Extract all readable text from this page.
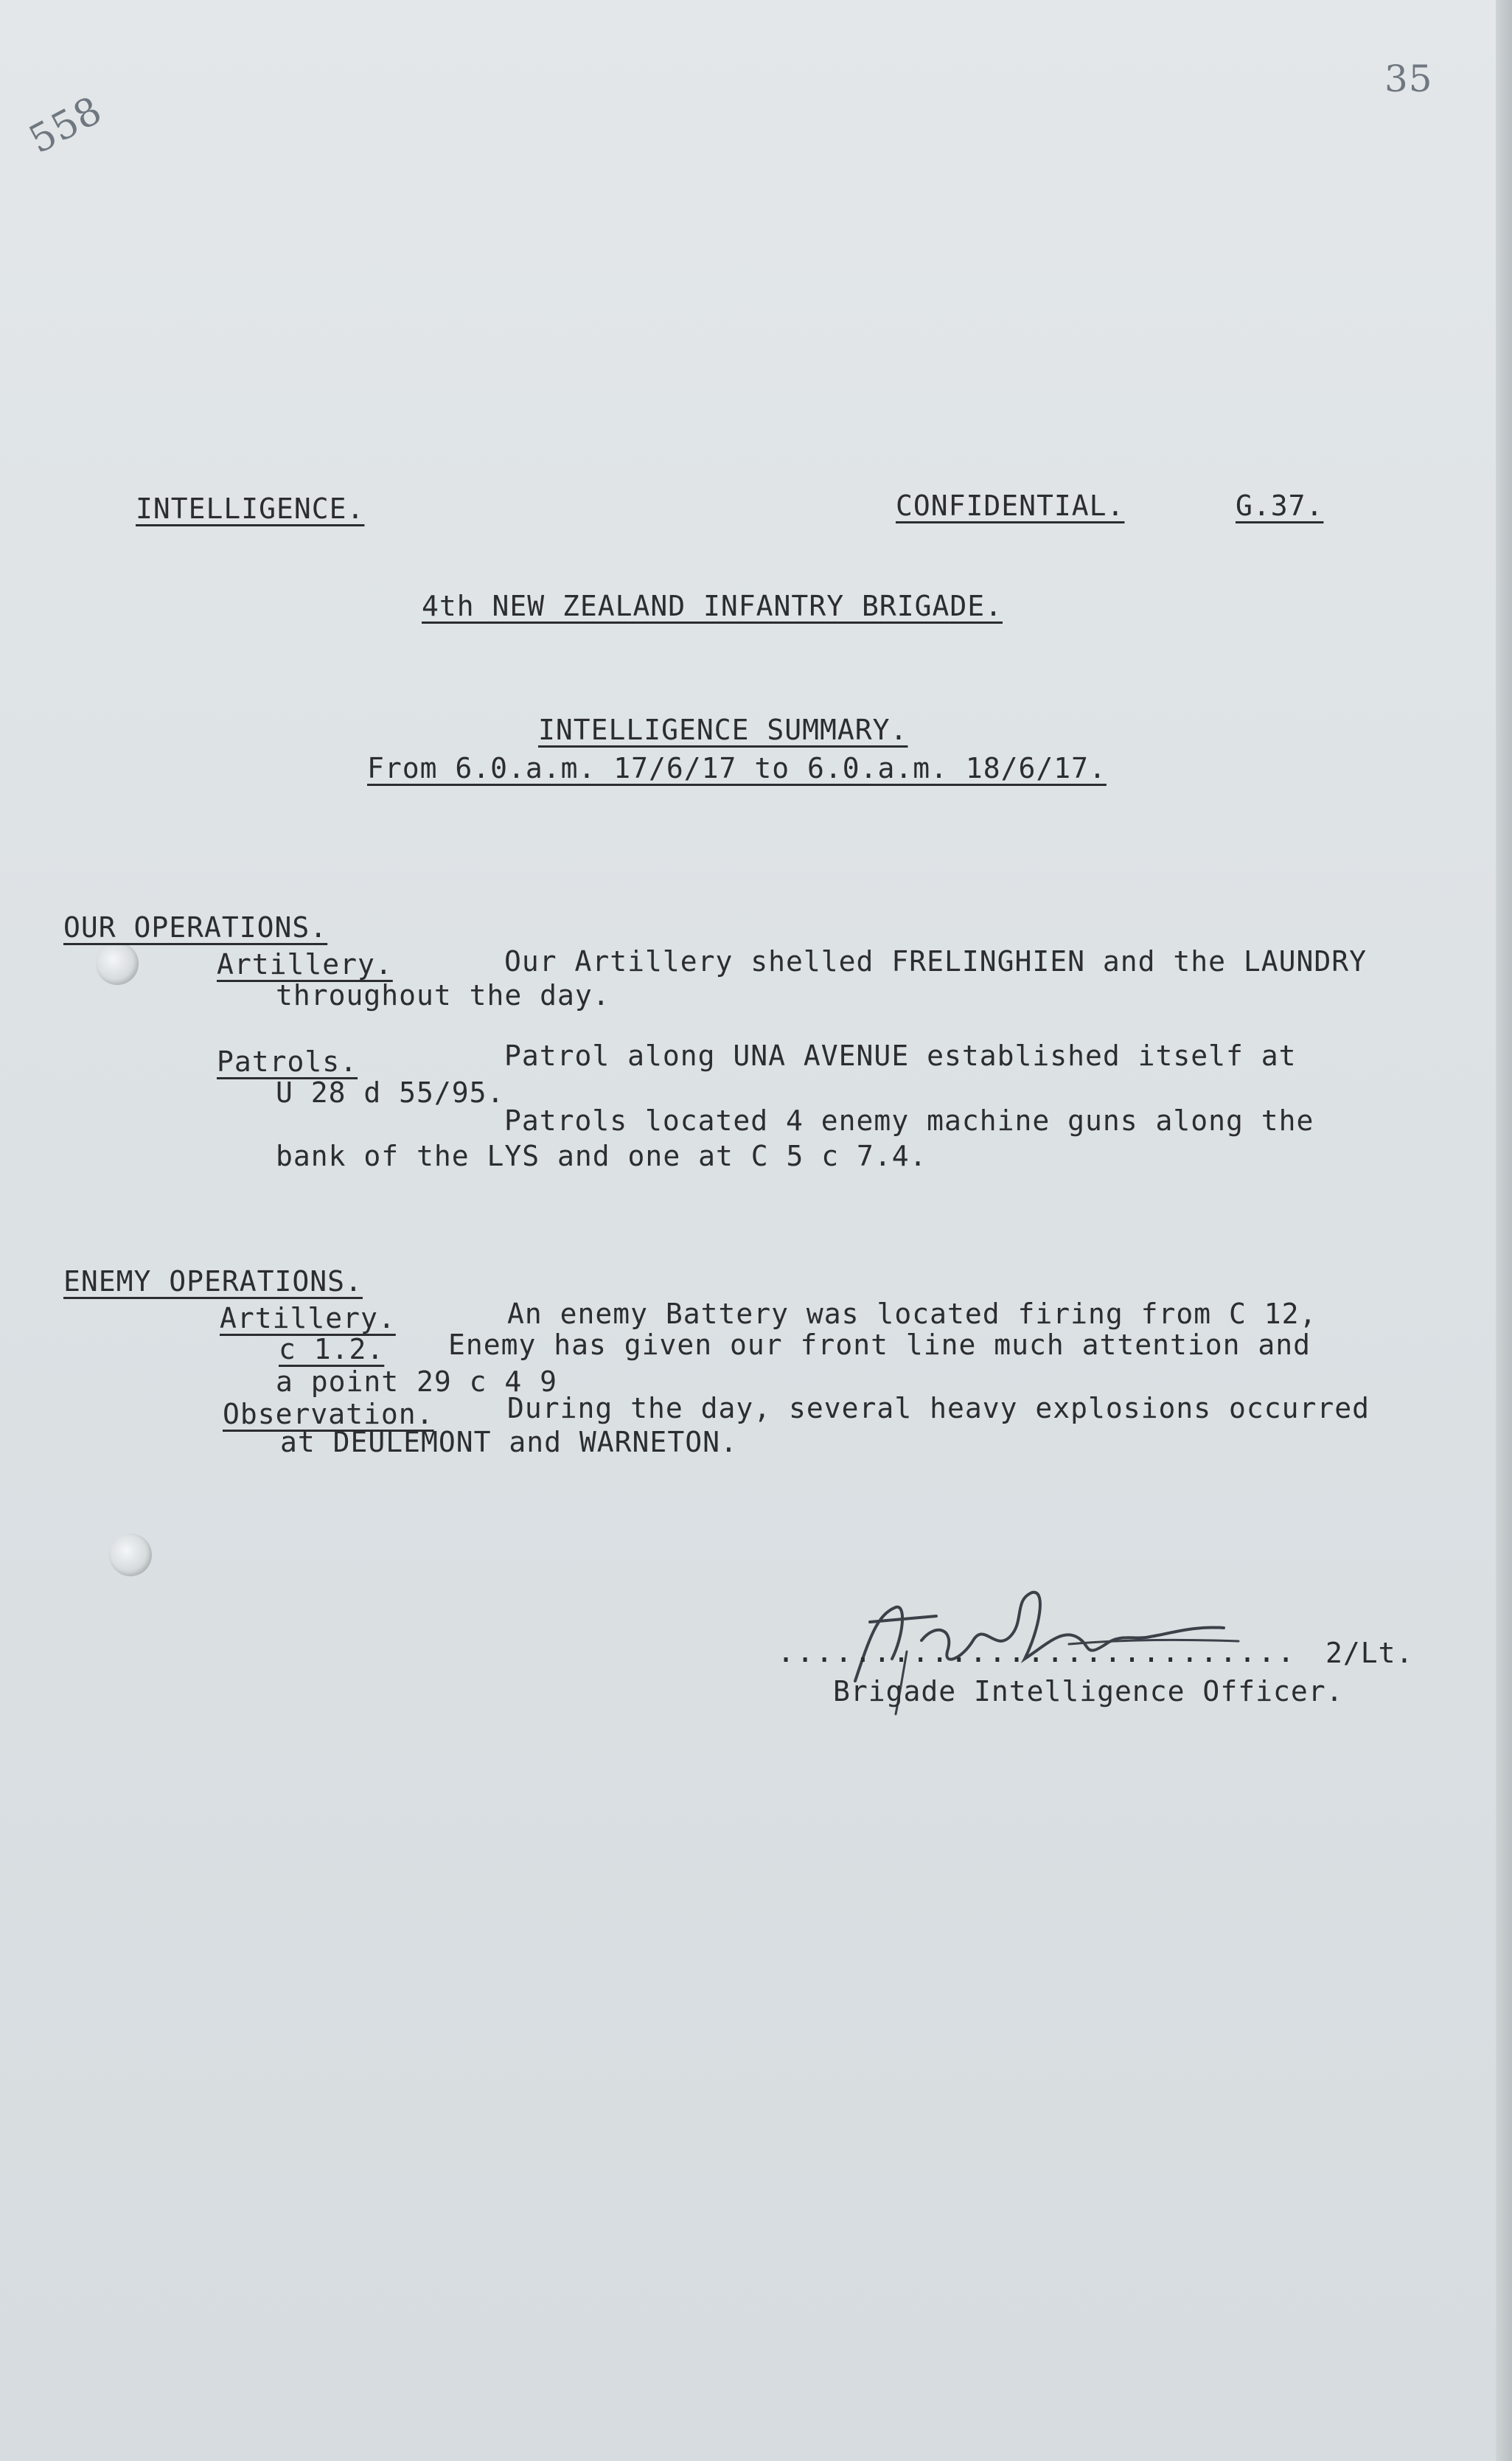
558
35
INTELLIGENCE.	CONFIDENTIAL.	G.37.
4th NEW ZEALAND INFANTRY BRIGADE.
INTELLIGENCE SUMMARY.
From 6.0.a.m. 17/6/17 to 6.0.a.m. 18/6/17.
OUR OPERATIONS.
Artillery.	Our Artillery shelled FRELINGHIEN and the LAUNDRY
throughout the day.
Patrols.	Patrol along UNA AVENUE established itself at
U 28 d 55/95.
Patrols located 4 enemy machine guns along the
bank of the LYS and one at C 5 c 7.4.
ENEMY OPERATIONS.
Artillery.	An enemy Battery was located firing from C 12,
c 1.2. Enemy has given our front line much attention and
a point 29 c 4 9
Observation.	During the day, several heavy explosions occurred
at DEULEMONT and WARNETON.
........................... 2/Lt.
Brigade Intelligence Officer.
